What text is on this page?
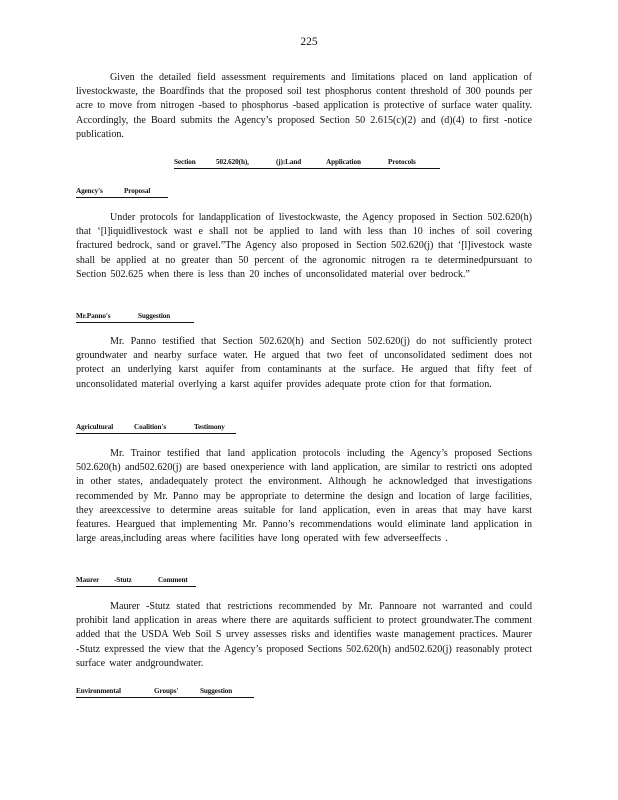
225

Given the detailed field assessment requirements and limitations placed on land application of livestockwaste, the Boardfinds that the proposed soil test phosphorus content threshold of 300 pounds per acre to move from nitrogen -based to phosphorus -based application is protective of surface water quality. Accordingly, the Board submits the Agency’s proposed Section 50 2.615(c)(2) and (d)(4) to first -notice publication.

Section	502.620(h),	(j):Land	Application	Protocols
Agency's	Proposal

Under protocols for landapplication of livestockwaste, the Agency proposed in Section 502.620(h) that ‘[l]iquidlivestock wast e shall not be applied to land with less than 10 inches of soil covering fractured bedrock, sand or gravel.”The Agency also proposed in Section 502.620(j) that ‘[l]ivestock waste shall be applied at no greater than 50 percent of the agronomic nitrogen ra te determinedpursuant to Section 502.625 when there is less than 20 inches of unconsolidated material over bedrock.”

Mr.Panno's	Suggestion

Mr. Panno testified that Section 502.620(h) and Section 502.620(j) do not sufficiently protect groundwater and nearby surface water. He argued that two feet of unconsolidated sediment does not protect an underlying karst aquifer from contaminants at the surface. He argued that fifty feet of unconsolidated material overlying a karst aquifer provides adequate prote ction for that formation.

Agricultural	Coalition's	Testimony

Mr. Trainor testified that land application protocols including the Agency’s proposed Sections 502.620(h) and502.620(j) are based onexperience with land application, are similar to restricti ons adopted in other states, andadequately protect the environment. Although he acknowledged that investigations recommended by Mr. Panno may be appropriate to determine the design and location of large facilities, they areexcessive to determine areas suitable for land application, even in areas that may have karst features. Heargued that implementing Mr. Panno’s recommendations would eliminate land application in large areas,including areas where facilities have long operated with few adverseeffects .

Maurer -Stutz	Comment

Maurer -Stutz stated that restrictions recommended by Mr. Pannoare not warranted and could prohibit land application in areas where there are aquitards sufficient to protect groundwater.The comment added that the USDA Web Soil S urvey assesses risks and identifies waste management practices. Maurer -Stutz expressed the view that the Agency’s proposed Sections 502.620(h) and502.620(j) reasonably protect surface water andgroundwater.

Environmental	Groups'	Suggestion
